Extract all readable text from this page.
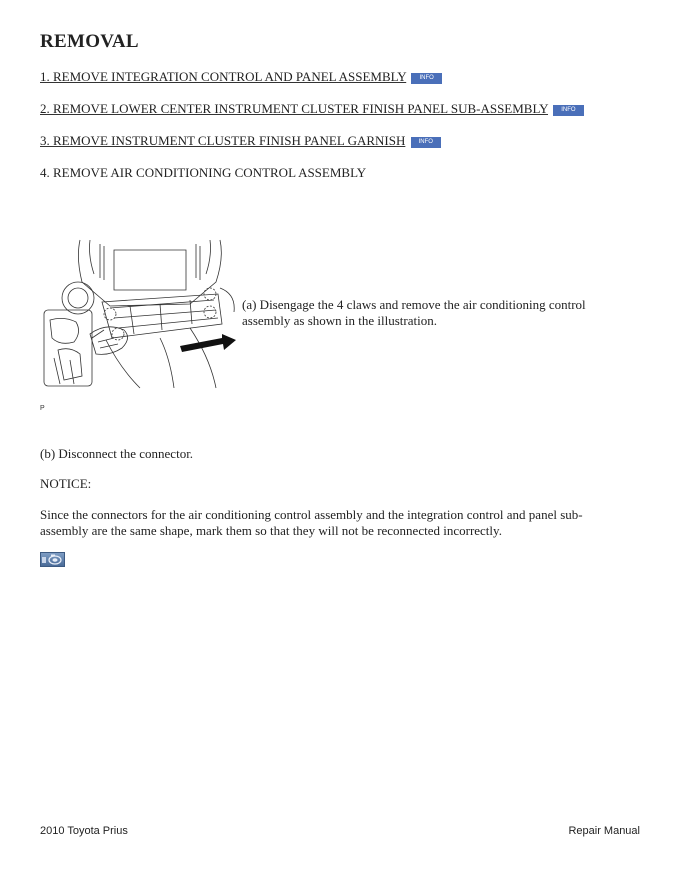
REMOVAL
1. REMOVE INTEGRATION CONTROL AND PANEL ASSEMBLY INFO
2. REMOVE LOWER CENTER INSTRUMENT CLUSTER FINISH PANEL SUB-ASSEMBLY INFO
3. REMOVE INSTRUMENT CLUSTER FINISH PANEL GARNISH INFO
4. REMOVE AIR CONDITIONING CONTROL ASSEMBLY
(a) Disengage the 4 claws and remove the air conditioning control assembly as shown in the illustration.
P
(b) Disconnect the connector.
NOTICE:
Since the connectors for the air conditioning control assembly and the integration control and panel sub-assembly are the same shape, mark them so that they will not be reconnected incorrectly.
2010 Toyota Prius	Repair Manual
